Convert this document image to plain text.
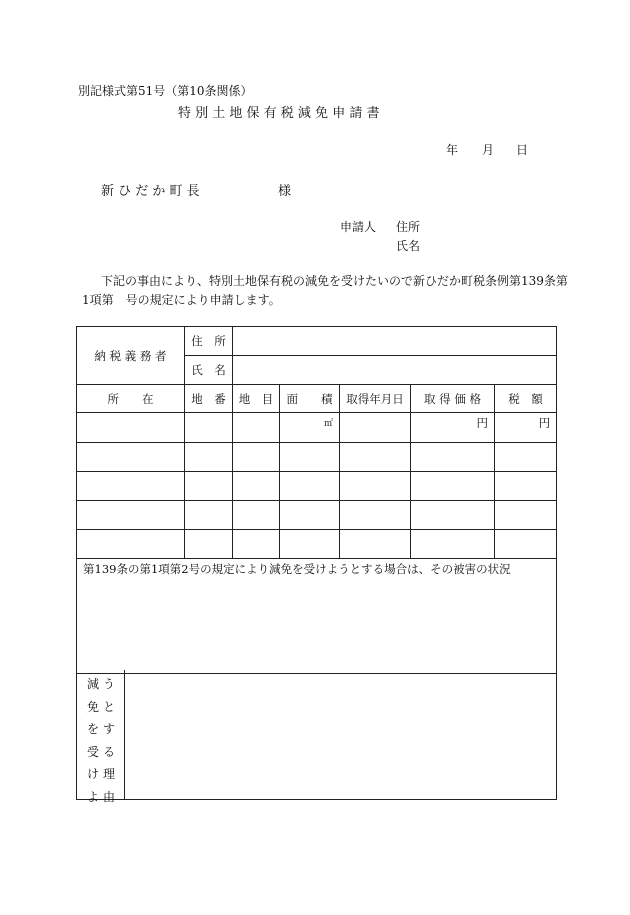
別記様式第51号（第10条関係）
特 別 土 地 保 有 税 減 免 申 請 書
年 月 日
新 ひ だ か 町 長	様
申請人 住所
氏名
下記の事由により、特別土地保有税の減免を受けたいので新ひだか町税条例第139条第
1項第　号の規定により申請します。
納 税 義 務 者	住　所					
	氏　名					
所　　在	地　番	地　目	面　　積	取得年月日	取 得 価 格	税　額
			㎡		円	円

第139条の第1項第2号の規定により減免を受けようとする場合は、その被害の状況						
減
免
を
受
け
よ
う
と
す
る
理
由
